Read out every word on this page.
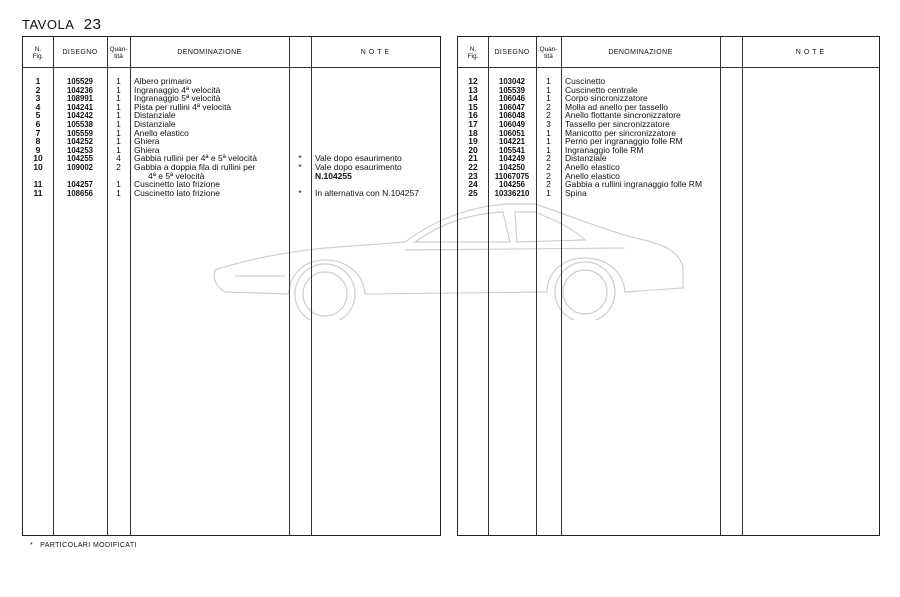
TAVOLA 23
N.
Fig.
DISEGNO
Quan-
tità
DENOMINAZIONE	NOTE
1	105529	1	Albero primario
2	104236	1	Ingranaggio 4ª velocità
3	108991	1	Ingranaggio 5ª velocità
4	104241	1	Pista per rullini 4ª velocità
5	104242	1	Distanziale
6	105538	1	Distanziale
7	105559	1	Anello elastico
8	104252	1	Ghiera
9	104253	1	Ghiera
10	104255	4	Gabbia rullini per 4ª e 5ª velocità	*	Vale dopo esaurimento
10	109002	2	Gabbia a doppia fila di rullini per	*	Vale dopo esaurimento
4ª e 5ª velocità	N.104255
11	104257	1	Cuscinetto lato frizione
11	108656	1	Cuscinetto lato frizione	*	In alternativa con N.104257
N.
Fig.
DISEGNO
Quan-
tità
DENOMINAZIONE	NOTE
12	103042	1	Cuscinetto
13	105539	1	Cuscinetto centrale
14	106046	1	Corpo sincronizzatore
15	106047	2	Molla ad anello per tassello
16	106048	2	Anello flottante sincronizzatore
17	106049	3	Tassello per sincronizzatore
18	106051	1	Manicotto per sincronizzatore
19	104221	1	Perno per ingranaggio folle RM
20	105541	1	Ingranaggio folle RM
21	104249	2	Distanziale
22	104250	2	Anello elastico
23	11067075	2	Anello elastico
24	104256	2	Gabbia a rullini ingranaggio folle RM
25	10336210	1	Spina
* PARTICOLARI MODIFICATI
